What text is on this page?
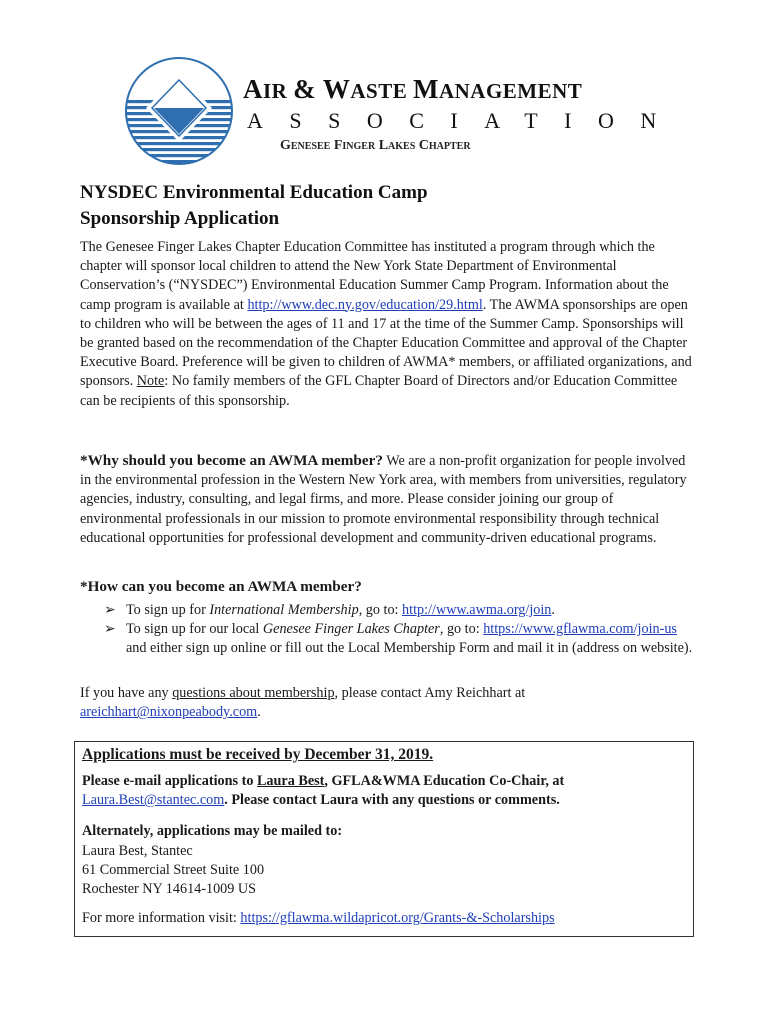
AIR & WASTE MANAGEMENT
ASSOCIATION
Genesee Finger Lakes Chapter
NYSDEC Environmental Education Camp
Sponsorship Application
The Genesee Finger Lakes Chapter Education Committee has instituted a program through which the chapter will sponsor local children to attend the New York State Department of Environmental Conservation’s (“NYSDEC”) Environmental Education Summer Camp Program. Information about the camp program is available at http://www.dec.ny.gov/education/29.html. The AWMA sponsorships are open to children who will be between the ages of 11 and 17 at the time of the Summer Camp. Sponsorships will be granted based on the recommendation of the Chapter Education Committee and approval of the Chapter Executive Board. Preference will be given to children of AWMA* members, or affiliated organizations, and sponsors. Note: No family members of the GFL Chapter Board of Directors and/or Education Committee can be recipients of this sponsorship.
*Why should you become an AWMA member? We are a non-profit organization for people involved in the environmental profession in the Western New York area, with members from universities, regulatory agencies, industry, consulting, and legal firms, and more. Please consider joining our group of environmental professionals in our mission to promote environmental responsibility through technical educational opportunities for professional development and community-driven educational programs.
*How can you become an AWMA member?

➢ To sign up for International Membership, go to: http://www.awma.org/join.

➢ To sign up for our local Genesee Finger Lakes Chapter, go to: https://www.gflawma.com/join-us and either sign up online or fill out the Local Membership Form and mail it in (address on website).

If you have any questions about membership, please contact Amy Reichhart at areichhart@nixonpeabody.com.
Applications must be received by December 31, 2019.
Please e-mail applications to Laura Best, GFLA&WMA Education Co-Chair, at Laura.Best@stantec.com. Please contact Laura with any questions or comments.
Alternately, applications may be mailed to:
Laura Best, Stantec
61 Commercial Street Suite 100
Rochester NY 14614-1009 US
For more information visit: https://gflawma.wildapricot.org/Grants-&-Scholarships
